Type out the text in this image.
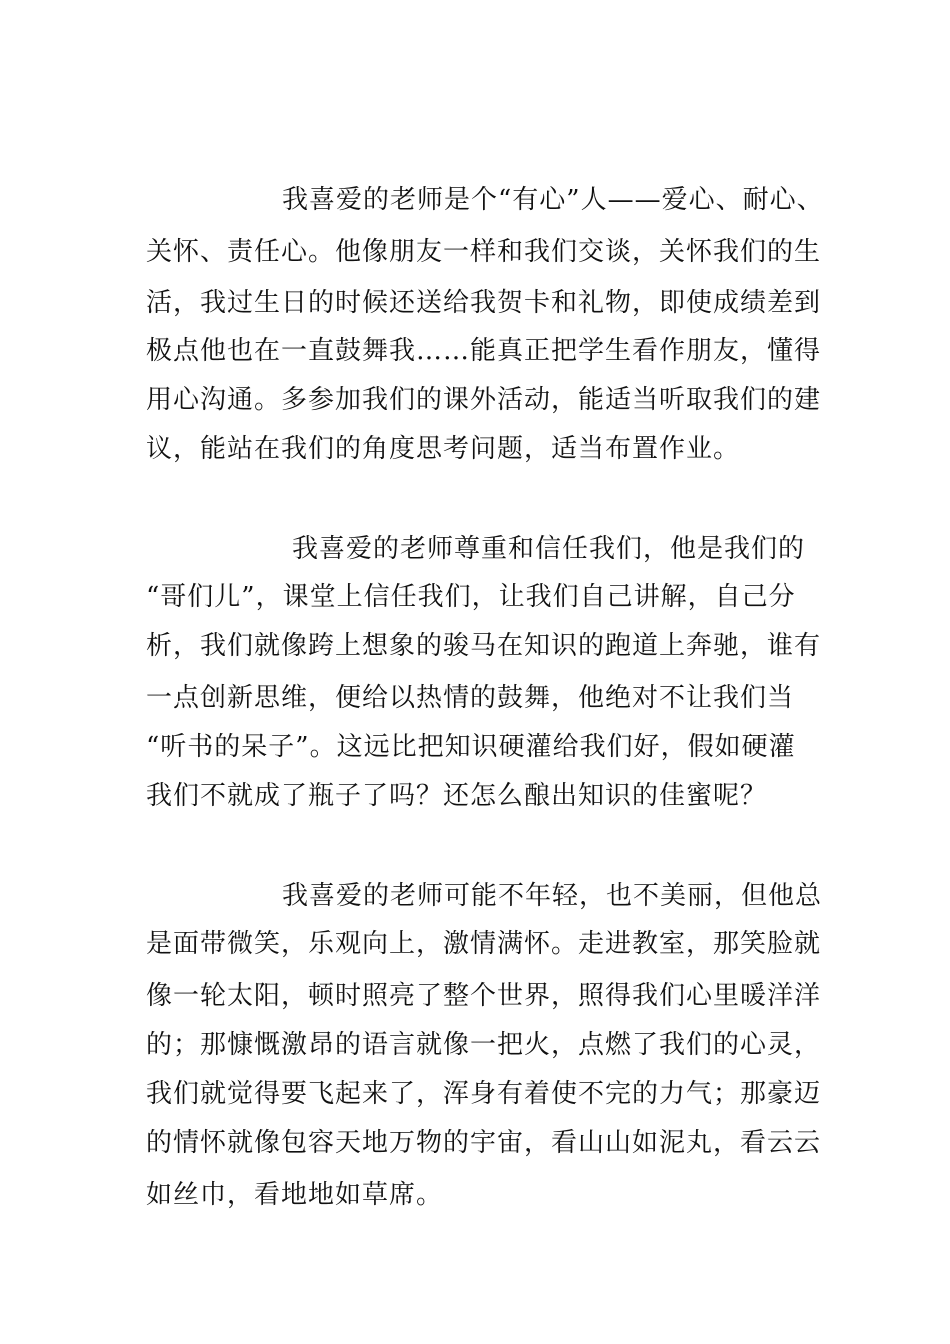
我喜爱的老师是个“有心”人——爱心、耐心、
关怀、责任心。他像朋友一样和我们交谈，关怀我们的生
活，我过生日的时候还送给我贺卡和礼物，即使成绩差到
极点他也在一直鼓舞我……能真正把学生看作朋友，懂得
用心沟通。多参加我们的课外活动，能适当听取我们的建
议，能站在我们的角度思考问题，适当布置作业。
我喜爱的老师尊重和信任我们，他是我们的
“哥们儿”，课堂上信任我们，让我们自己讲解，自己分
析，我们就像跨上想象的骏马在知识的跑道上奔驰，谁有
一点创新思维，便给以热情的鼓舞，他绝对不让我们当
“听书的呆子”。这远比把知识硬灌给我们好，假如硬灌
我们不就成了瓶子了吗？还怎么酿出知识的佳蜜呢？
我喜爱的老师可能不年轻，也不美丽，但他总
是面带微笑，乐观向上，激情满怀。走进教室，那笑脸就
像一轮太阳，顿时照亮了整个世界，照得我们心里暖洋洋
的；那慷慨激昂的语言就像一把火，点燃了我们的心灵，
我们就觉得要飞起来了，浑身有着使不完的力气；那豪迈
的情怀就像包容天地万物的宇宙，看山山如泥丸，看云云
如丝巾，看地地如草席。
